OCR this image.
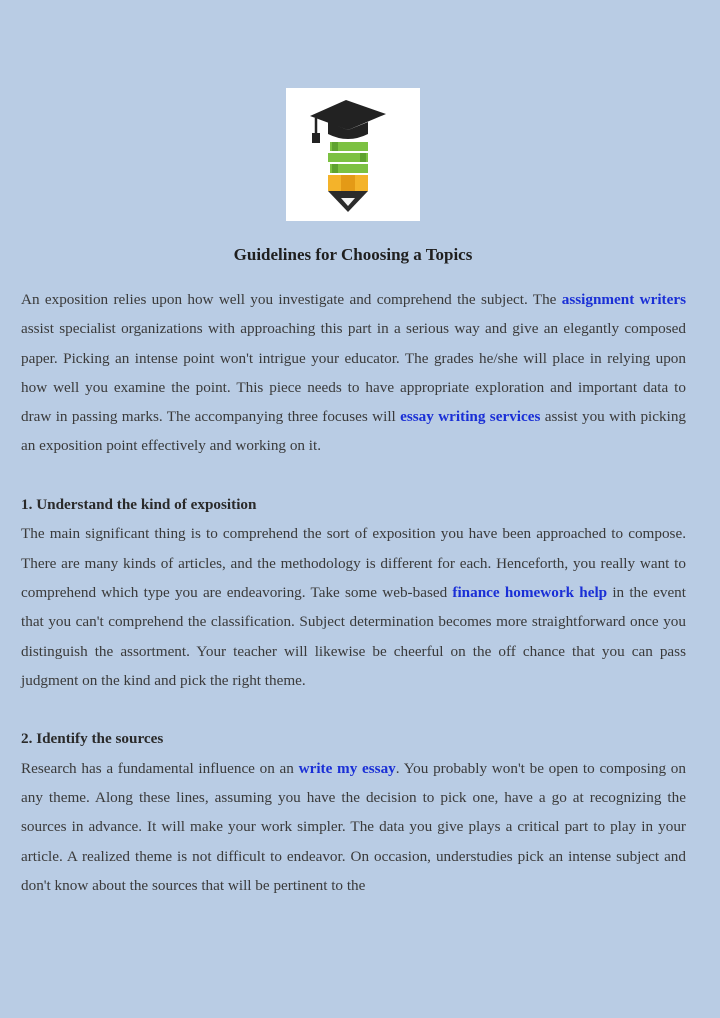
Guidelines for Choosing a Topics

An exposition relies upon how well you investigate and comprehend the subject. The assignment writers assist specialist organizations with approaching this part in a serious way and give an elegantly composed paper. Picking an intense point won't intrigue your educator. The grades he/she will place in relying upon how well you examine the point. This piece needs to have appropriate exploration and important data to draw in passing marks. The accompanying three focuses will essay writing services assist you with picking an exposition point effectively and working on it.

1. Understand the kind of exposition

The main significant thing is to comprehend the sort of exposition you have been approached to compose. There are many kinds of articles, and the methodology is different for each. Henceforth, you really want to comprehend which type you are endeavoring. Take some web-based finance homework help in the event that you can't comprehend the classification. Subject determination becomes more straightforward once you distinguish the assortment. Your teacher will likewise be cheerful on the off chance that you can pass judgment on the kind and pick the right theme.

2. Identify the sources

Research has a fundamental influence on an write my essay. You probably won't be open to composing on any theme. Along these lines, assuming you have the decision to pick one, have a go at recognizing the sources in advance. It will make your work simpler. The data you give plays a critical part to play in your article. A realized theme is not difficult to endeavor. On occasion, understudies pick an intense subject and don't know about the sources that will be pertinent to the
